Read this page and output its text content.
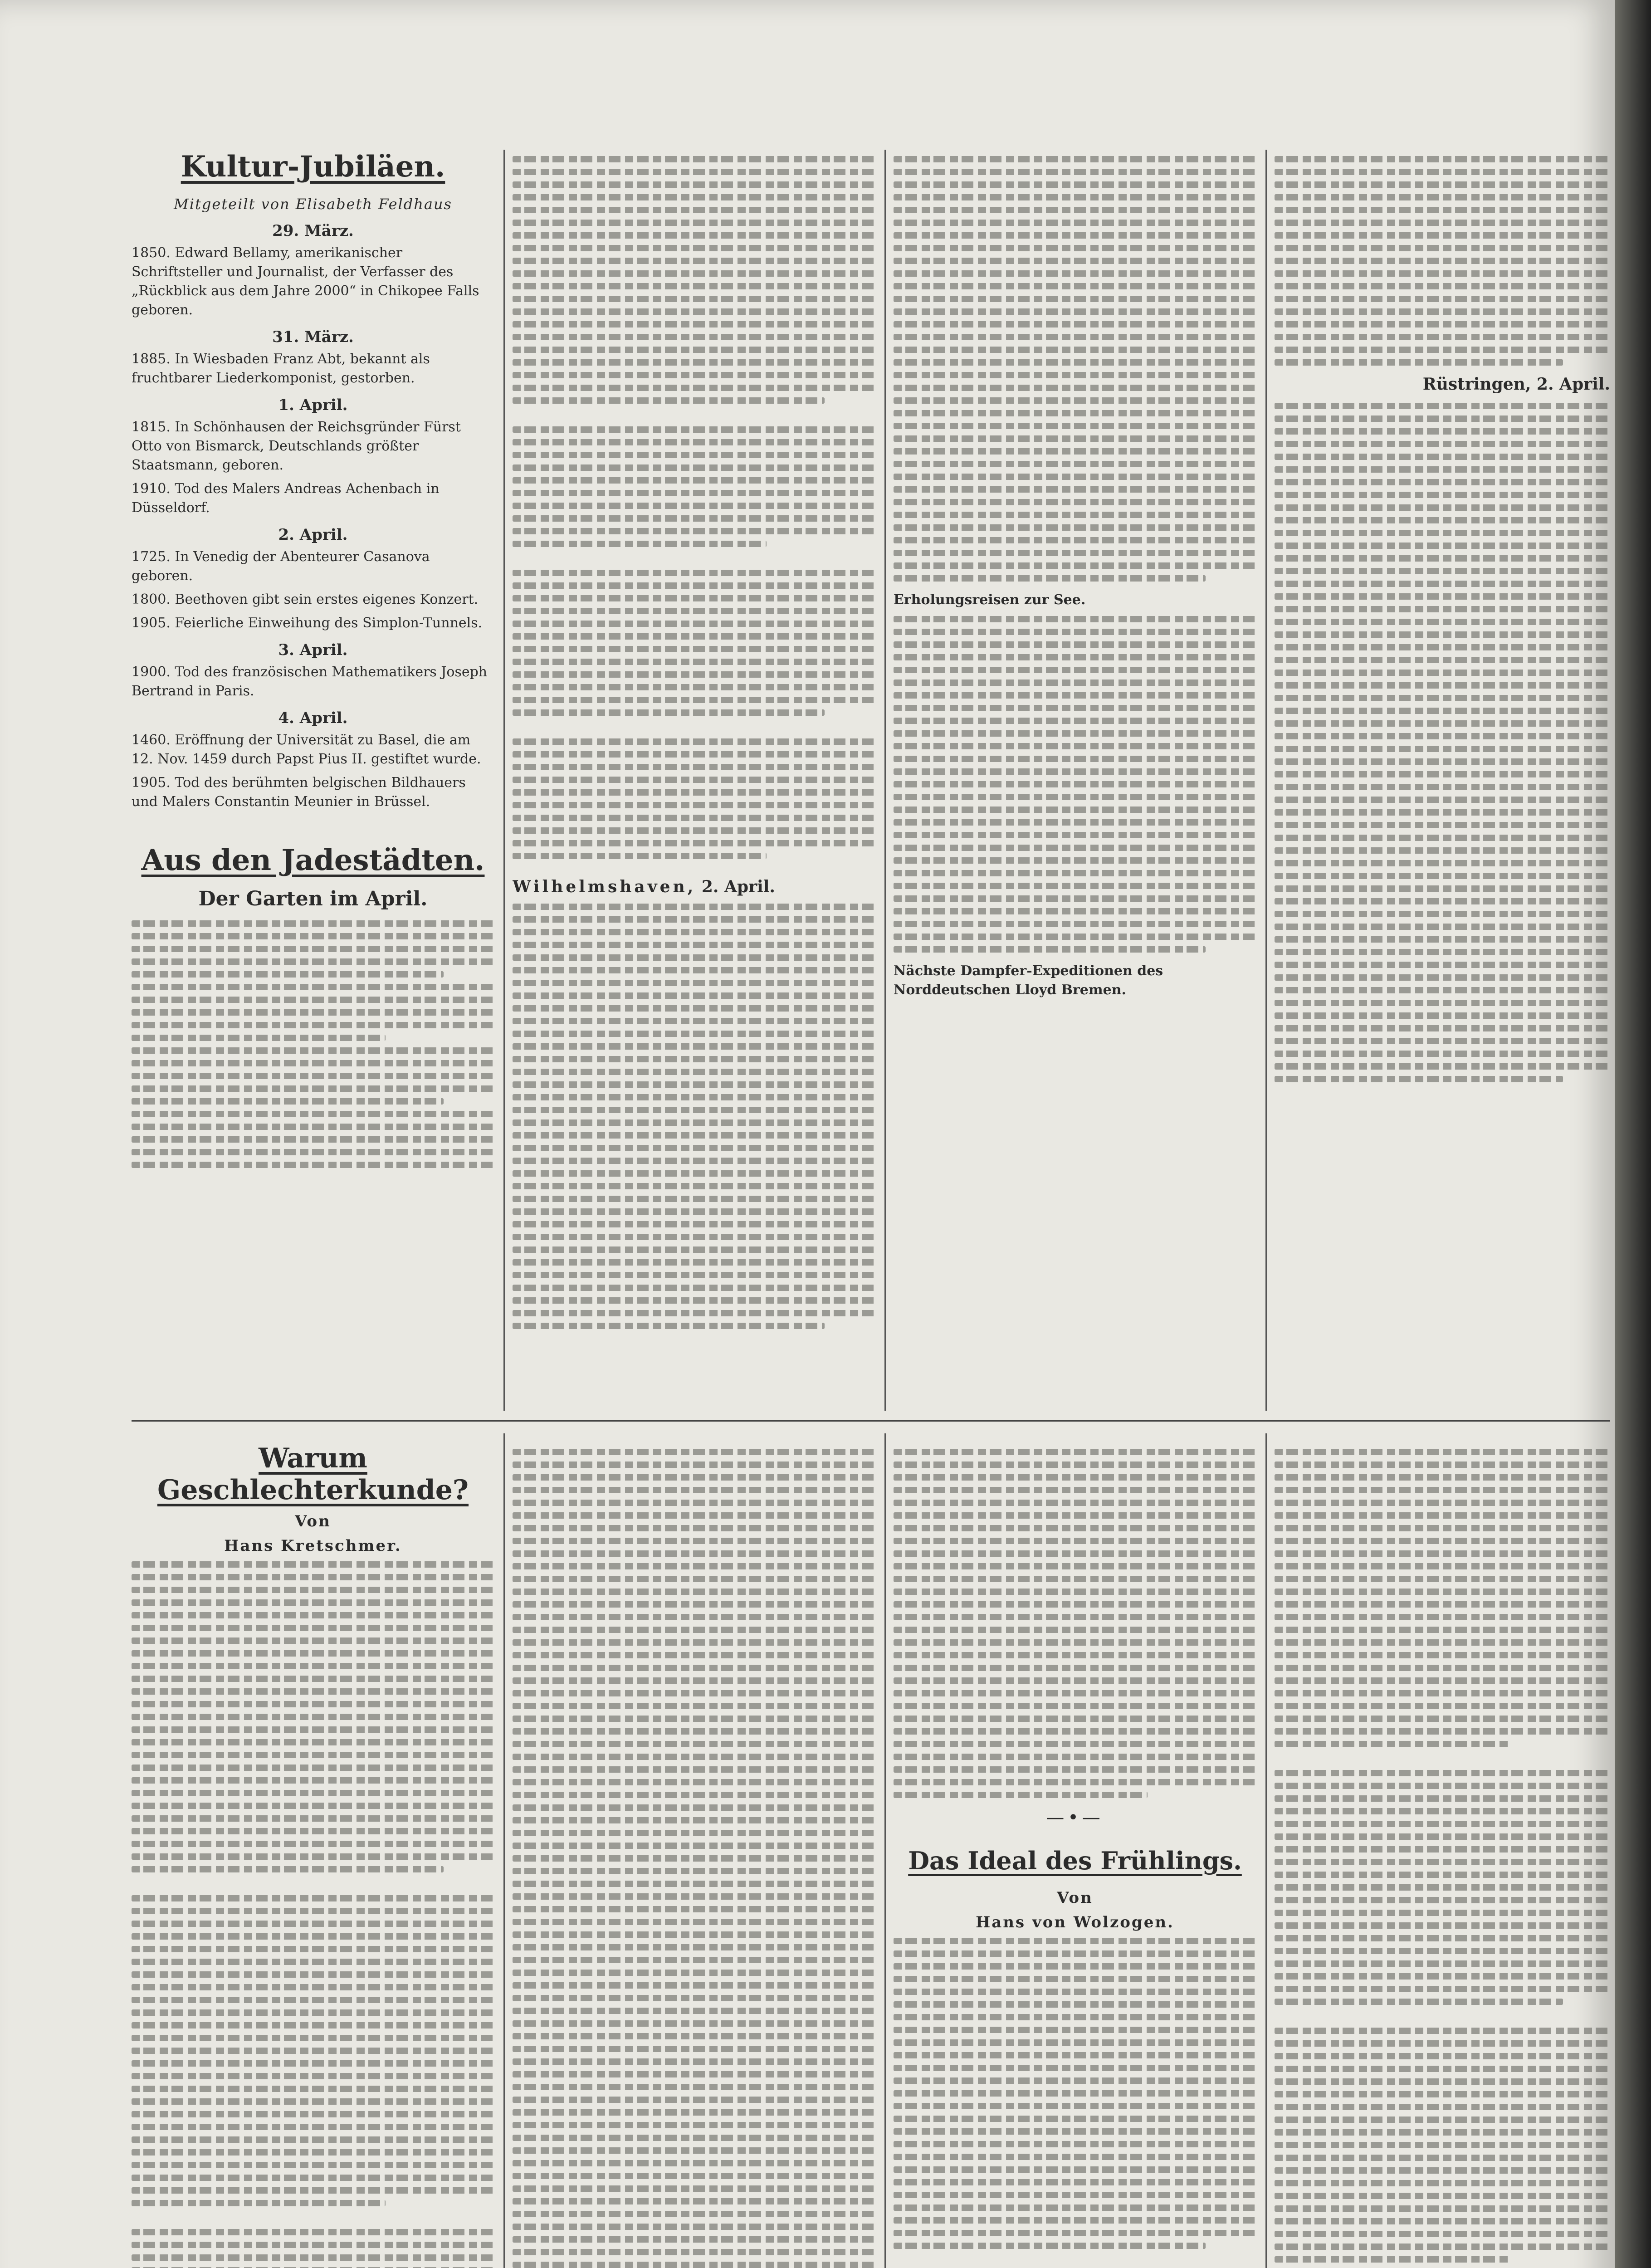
Kultur-Jubiläen.
Mitgeteilt von Elisabeth Feldhaus
29. März.
1850. Edward Bellamy, amerikanischer Schriftsteller und Journalist, der Verfasser des „Rückblick aus dem Jahre 2000“ in Chikopee Falls geboren.
31. März.
1885. In Wiesbaden Franz Abt, bekannt als fruchtbarer Liederkomponist, gestorben.
1. April.
1815. In Schönhausen der Reichsgründer Fürst Otto von Bismarck, Deutschlands größter Staatsmann, geboren.
1910. Tod des Malers Andreas Achenbach in Düsseldorf.
2. April.
1725. In Venedig der Abenteurer Casanova geboren.
1800. Beethoven gibt sein erstes eigenes Konzert.
1905. Feierliche Einweihung des Simplon-Tunnels.
3. April.
1900. Tod des französischen Mathematikers Joseph Bertrand in Paris.
4. April.
1460. Eröffnung der Universität zu Basel, die am 12. Nov. 1459 durch Papst Pius II. gestiftet wurde.
1905. Tod des berühmten belgischen Bildhauers und Malers Constantin Meunier in Brüssel.
Aus den Jadestädten.
Der Garten im April.
Wilhelmshaven, 2. April.
Erholungsreisen zur See.
Nächste Dampfer-Expeditionen des Norddeutschen Lloyd Bremen.
Rüstringen, 2. April.
Warum Geschlechterkunde?
Von
Hans Kretschmer.
—•—
Das Ideal des Frühlings.
Von
Hans von Wolzogen.
